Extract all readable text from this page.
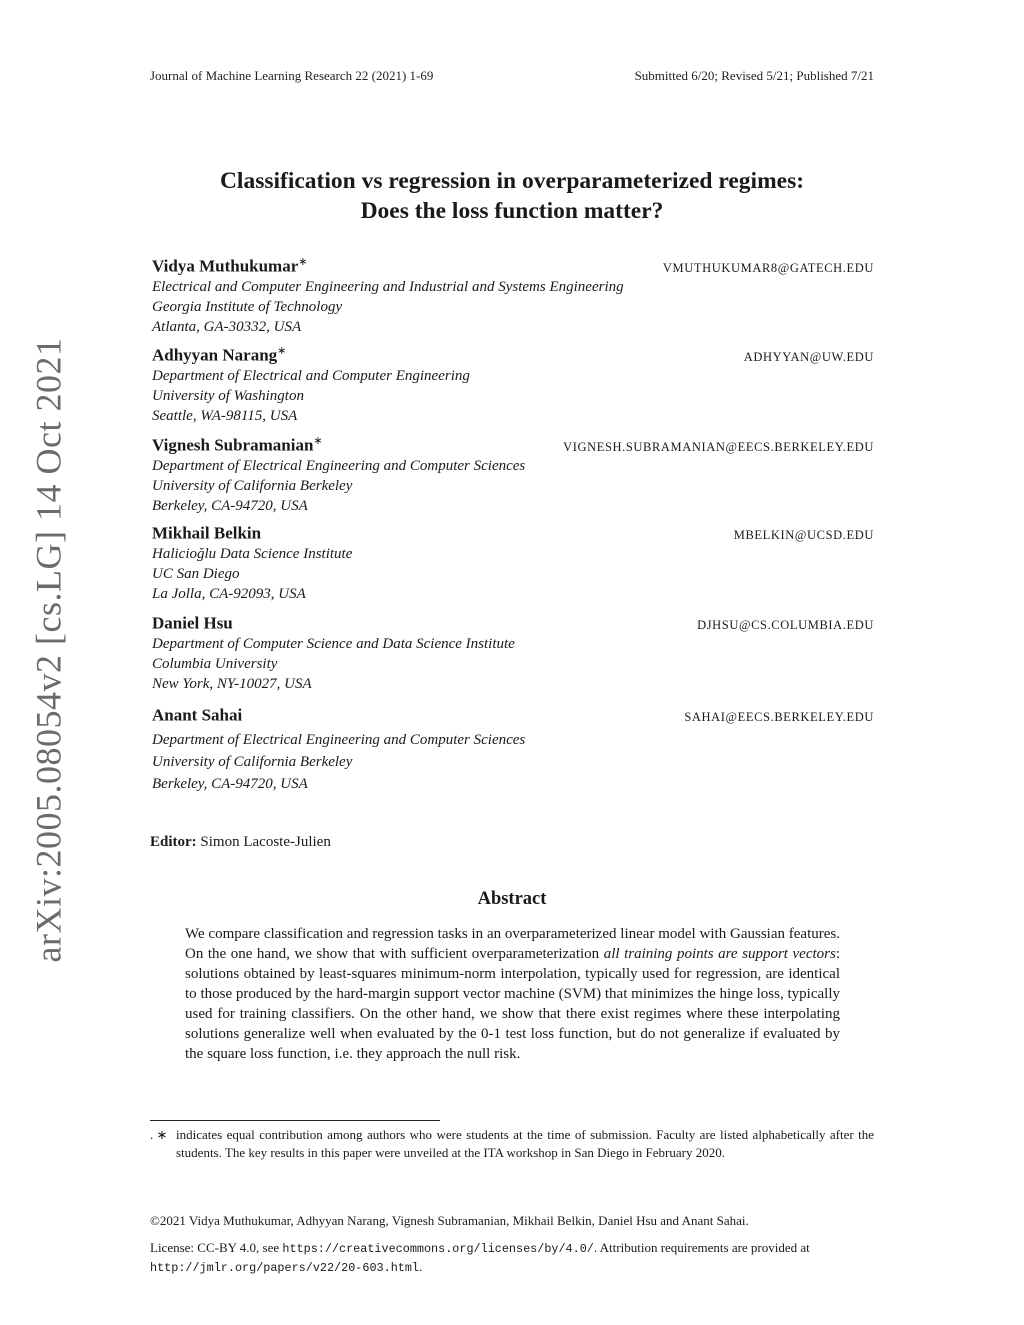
arXiv:2005.08054v2 [cs.LG] 14 Oct 2021
Journal of Machine Learning Research 22 (2021) 1-69	Submitted 6/20; Revised 5/21; Published 7/21
Classification vs regression in overparameterized regimes:
Does the loss function matter?
Vidya Muthukumar∗	VMUTHUKUMAR8@GATECH.EDU
Electrical and Computer Engineering and Industrial and Systems Engineering
Georgia Institute of Technology
Atlanta, GA-30332, USA
Adhyyan Narang∗	ADHYYAN@UW.EDU
Department of Electrical and Computer Engineering
University of Washington
Seattle, WA-98115, USA
Vignesh Subramanian∗	VIGNESH.SUBRAMANIAN@EECS.BERKELEY.EDU
Department of Electrical Engineering and Computer Sciences
University of California Berkeley
Berkeley, CA-94720, USA
Mikhail Belkin	MBELKIN@UCSD.EDU
Halicioğlu Data Science Institute
UC San Diego
La Jolla, CA-92093, USA
Daniel Hsu	DJHSU@CS.COLUMBIA.EDU
Department of Computer Science and Data Science Institute
Columbia University
New York, NY-10027, USA
Anant Sahai	SAHAI@EECS.BERKELEY.EDU
Department of Electrical Engineering and Computer Sciences
University of California Berkeley
Berkeley, CA-94720, USA
Editor: Simon Lacoste-Julien
Abstract
We compare classification and regression tasks in an overparameterized linear model with Gaussian features. On the one hand, we show that with sufficient overparameterization all training points are support vectors: solutions obtained by least-squares minimum-norm interpolation, typically used for regression, are identical to those produced by the hard-margin support vector machine (SVM) that minimizes the hinge loss, typically used for training classifiers. On the other hand, we show that there exist regimes where these interpolating solutions generalize well when evaluated by the 0-1 test loss function, but do not generalize if evaluated by the square loss function, i.e. they approach the null risk.
. ∗ indicates equal contribution among authors who were students at the time of submission. Faculty are listed alphabetically after the students. The key results in this paper were unveiled at the ITA workshop in San Diego in February 2020.
©2021 Vidya Muthukumar, Adhyyan Narang, Vignesh Subramanian, Mikhail Belkin, Daniel Hsu and Anant Sahai.
License: CC-BY 4.0, see https://creativecommons.org/licenses/by/4.0/. Attribution requirements are provided at http://jmlr.org/papers/v22/20-603.html.
